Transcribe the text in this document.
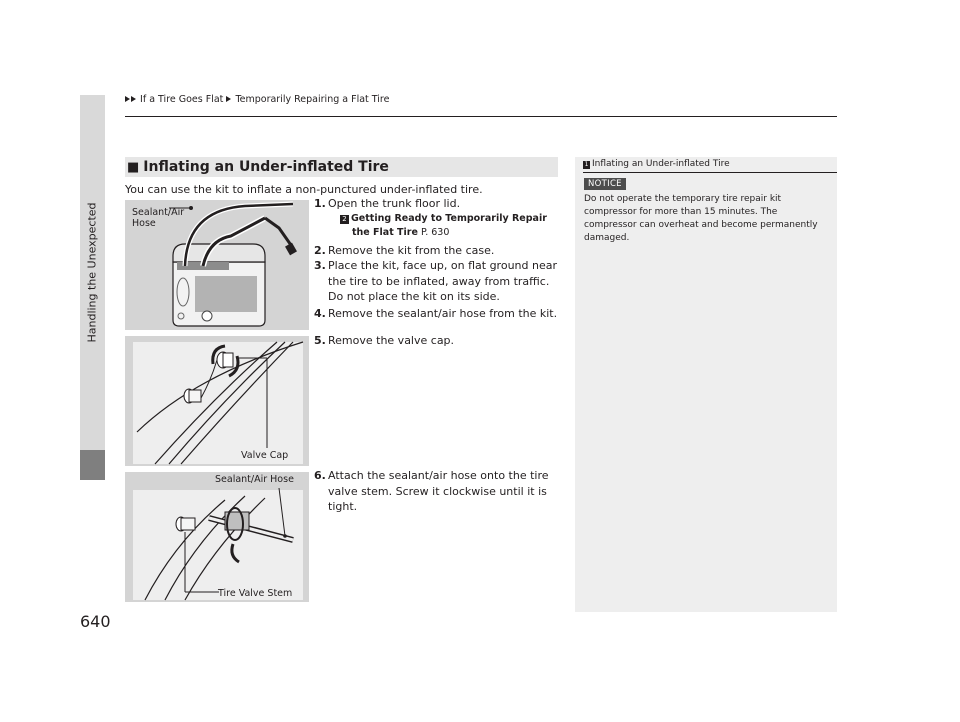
If a Tire Goes Flat Temporarily Repairing a Flat Tire
Handling the Unexpected
640
■ Inflating an Under-inflated Tire
You can use the kit to inflate a non-punctured under-inflated tire.
Sealant/Air
Hose
Valve Cap
Sealant/Air Hose
Tire Valve Stem
1. Open the trunk floor lid.
2 Getting Ready to Temporarily Repair
the Flat Tire P. 630
2. Remove the kit from the case.
3. Place the kit, face up, on flat ground near the tire to be inflated, away from traffic. Do not place the kit on its side.
4. Remove the sealant/air hose from the kit.
5. Remove the valve cap.
6. Attach the sealant/air hose onto the tire valve stem. Screw it clockwise until it is tight.
1 Inflating an Under-inflated Tire
NOTICE
Do not operate the temporary tire repair kit compressor for more than 15 minutes. The compressor can overheat and become permanently damaged.
